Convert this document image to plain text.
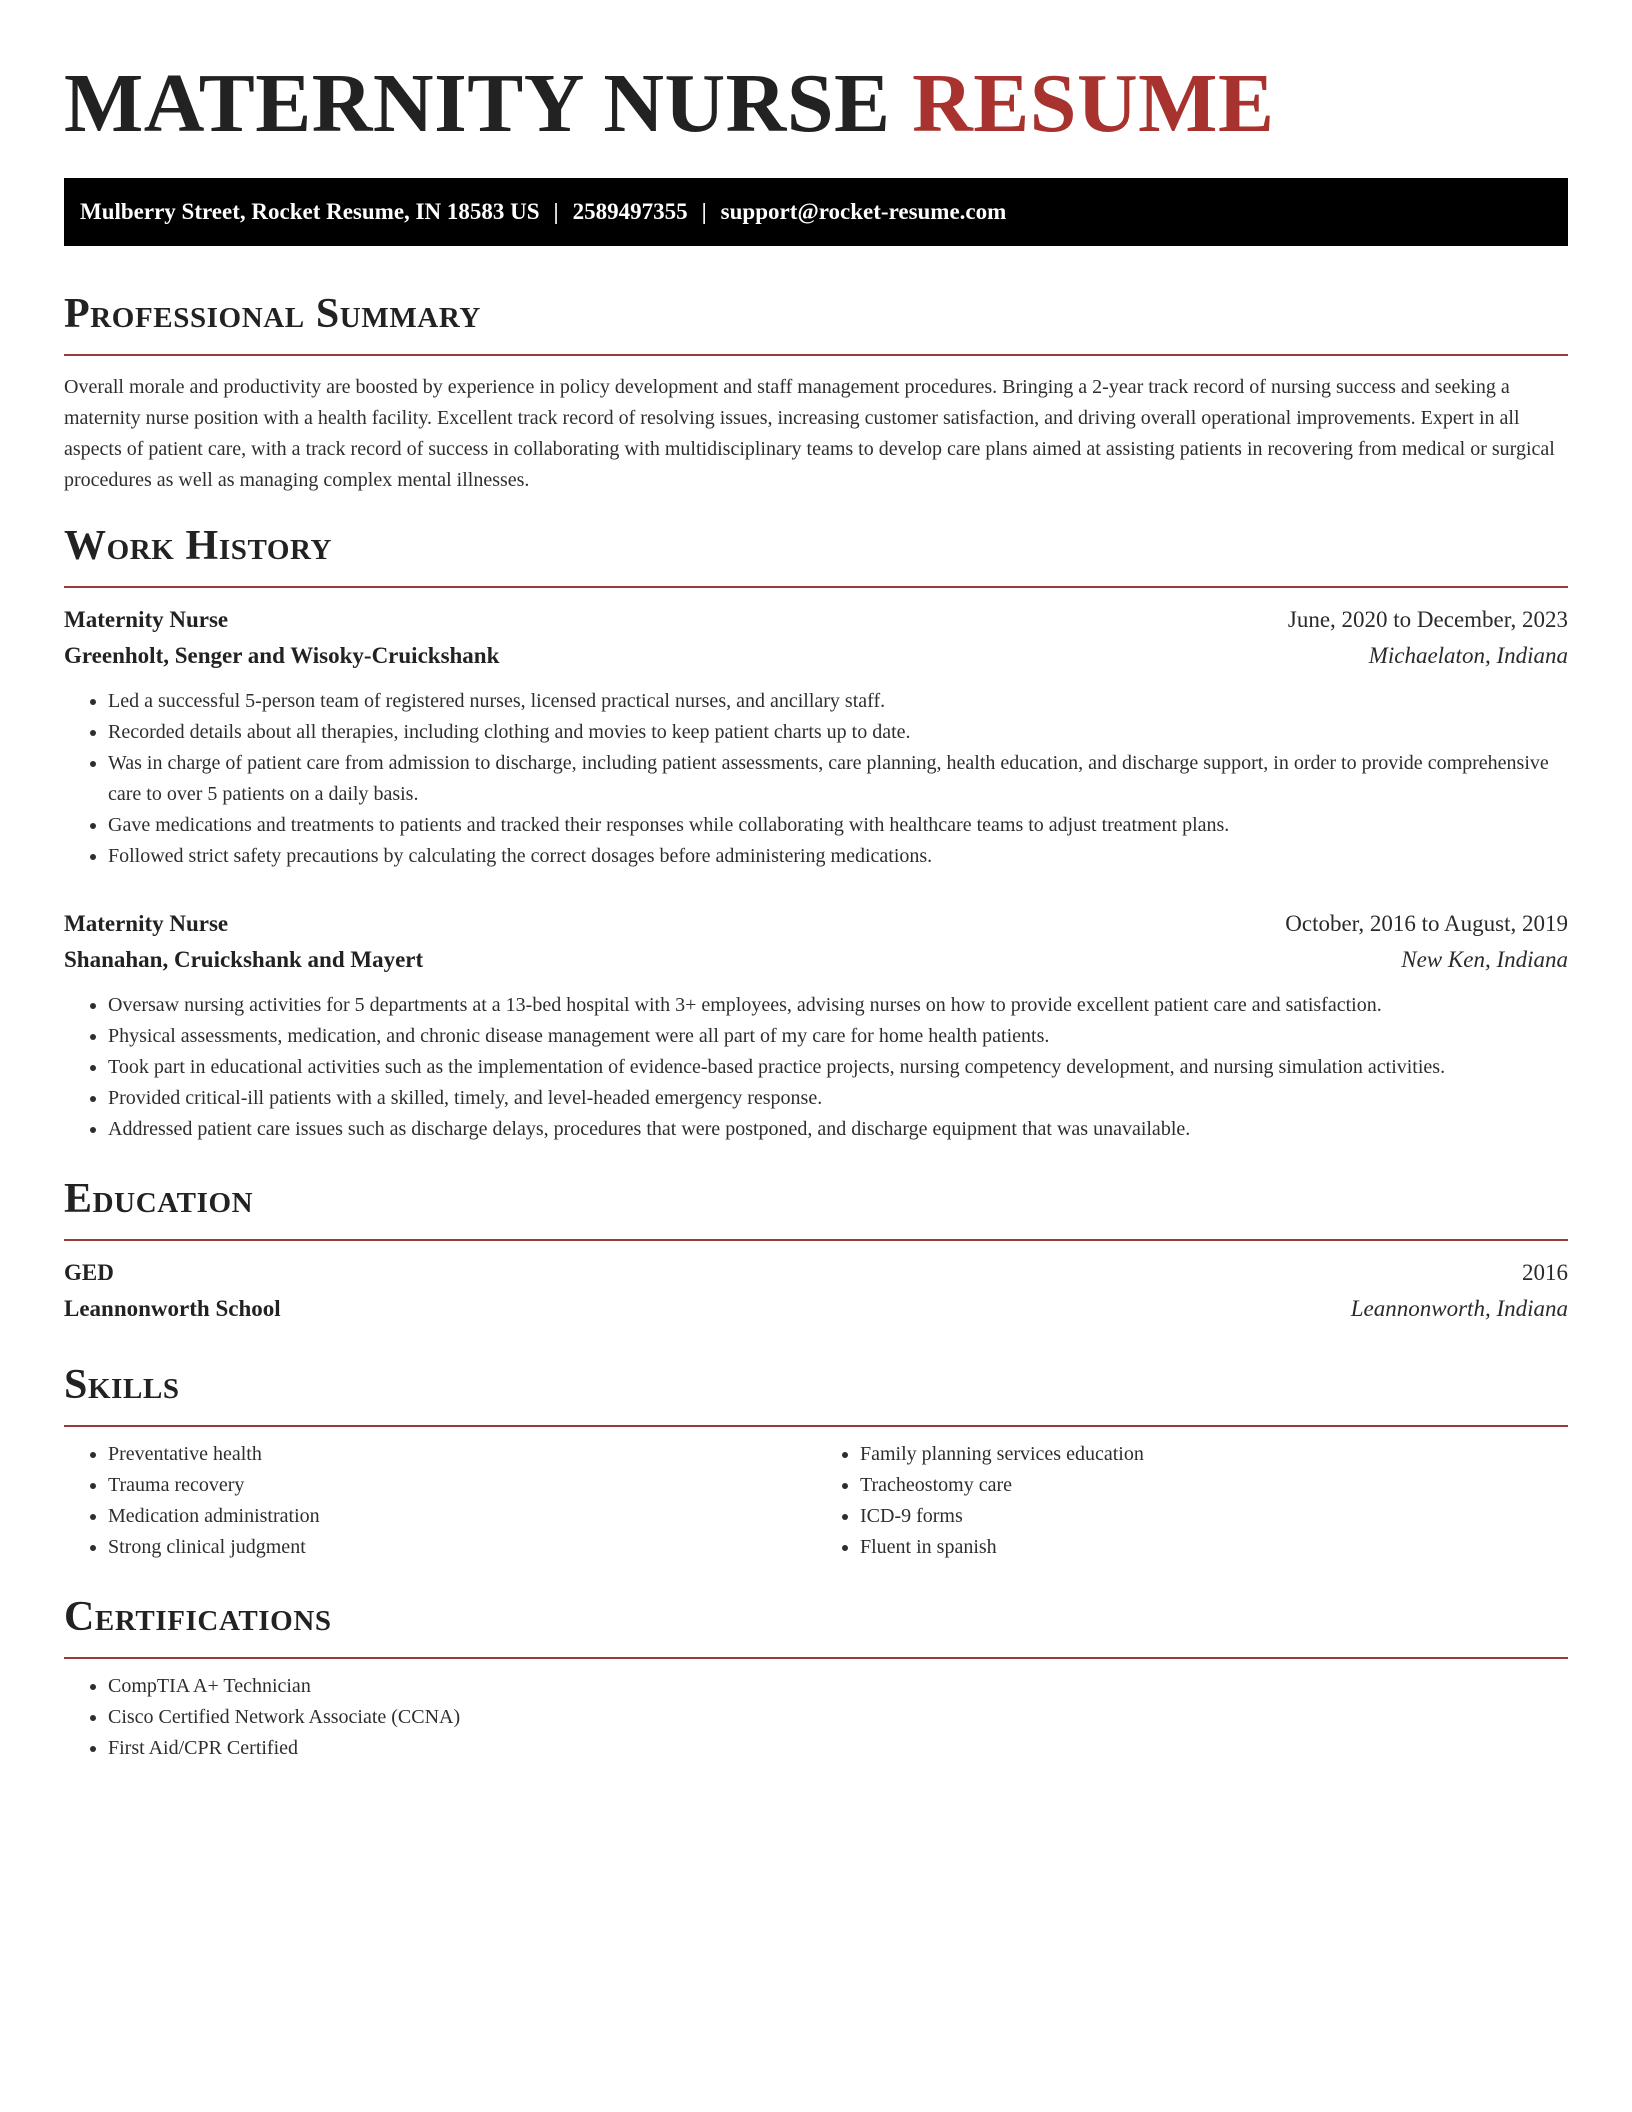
MATERNITY NURSE RESUME
Mulberry Street, Rocket Resume, IN 18583 US | 2589497355 | support@rocket-resume.com
Professional Summary

Overall morale and productivity are boosted by experience in policy development and staff management procedures. Bringing a 2-year track record of nursing success and seeking a maternity nurse position with a health facility. Excellent track record of resolving issues, increasing customer satisfaction, and driving overall operational improvements. Expert in all aspects of patient care, with a track record of success in collaborating with multidisciplinary teams to develop care plans aimed at assisting patients in recovering from medical or surgical procedures as well as managing complex mental illnesses.

Work History
Maternity Nurse	June, 2020 to December, 2023
Greenholt, Senger and Wisoky-Cruickshank	Michaelaton, Indiana
• Led a successful 5-person team of registered nurses, licensed practical nurses, and ancillary staff.
• Recorded details about all therapies, including clothing and movies to keep patient charts up to date.
• Was in charge of patient care from admission to discharge, including patient assessments, care planning, health education, and discharge support, in order to provide comprehensive care to over 5 patients on a daily basis.
• Gave medications and treatments to patients and tracked their responses while collaborating with healthcare teams to adjust treatment plans.
• Followed strict safety precautions by calculating the correct dosages before administering medications.
Maternity Nurse	October, 2016 to August, 2019
Shanahan, Cruickshank and Mayert	New Ken, Indiana
• Oversaw nursing activities for 5 departments at a 13-bed hospital with 3+ employees, advising nurses on how to provide excellent patient care and satisfaction.
• Physical assessments, medication, and chronic disease management were all part of my care for home health patients.
• Took part in educational activities such as the implementation of evidence-based practice projects, nursing competency development, and nursing simulation activities.
• Provided critical-ill patients with a skilled, timely, and level-headed emergency response.
• Addressed patient care issues such as discharge delays, procedures that were postponed, and discharge equipment that was unavailable.
Education
GED	2016
Leannonworth School	Leannonworth, Indiana
Skills
• Preventative health
• Trauma recovery
• Medication administration
• Strong clinical judgment
• Family planning services education
• Tracheostomy care
• ICD-9 forms
• Fluent in spanish
Certifications
• CompTIA A+ Technician
• Cisco Certified Network Associate (CCNA)
• First Aid/CPR Certified
